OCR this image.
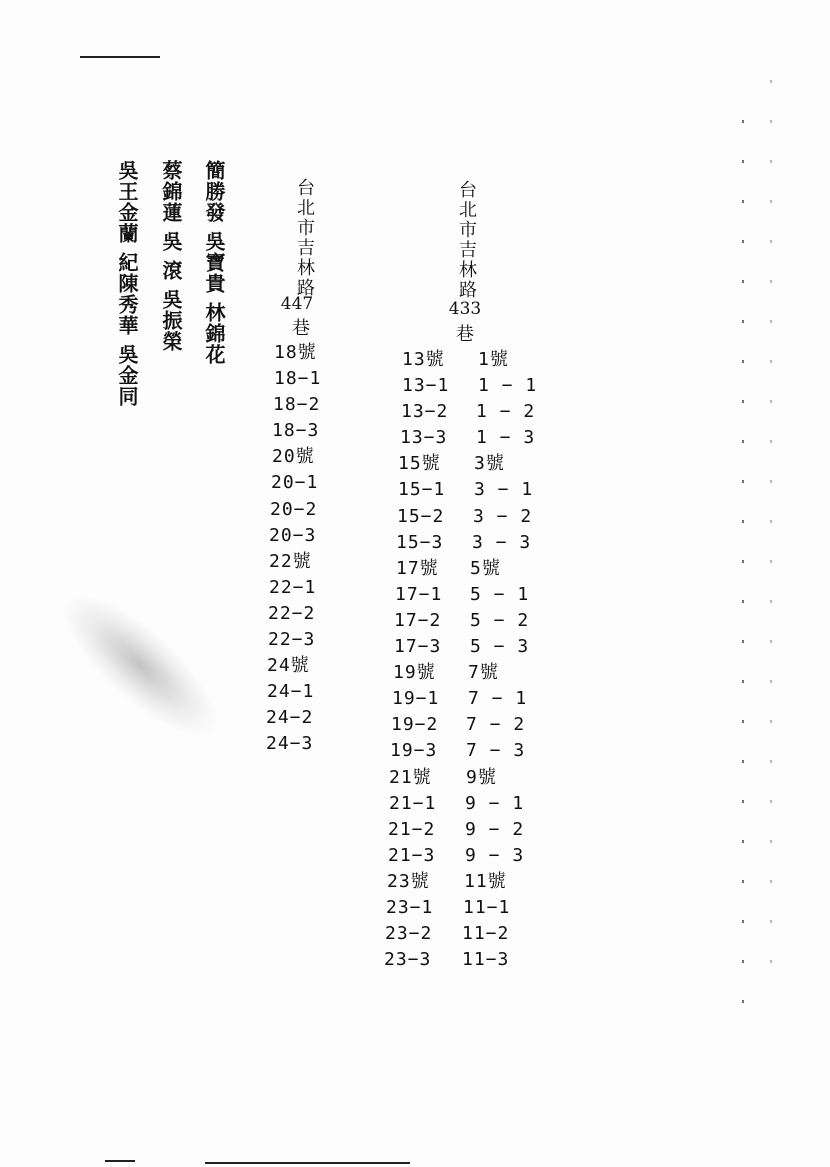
簡勝發 吳寶貴 林錦花
蔡錦蓮 吳 滾 吳振榮
吳王金蘭 紀陳秀華 吳金同	台北市吉林路
447
巷
18號
18−1
18−2
18−3
20號
20−1
20−2
20−3
22號
22−1
22−2
22−3
24號
24−1
24−2
24−3
台北市吉林路
433
巷
13號
13−1
13−2
13−3
15號
15−1
15−2
15−3
17號
17−1
17−2
17−3
19號
19−1
19−2
19−3
21號
21−1
21−2
21−3
23號
23−1
23−2
23−3
1號
1 − 1
1 − 2
1 − 3
3號
3 − 1
3 − 2
3 − 3
5號
5 − 1
5 − 2
5 − 3
7號
7 − 1
7 − 2
7 − 3
9號
9 − 1
9 − 2
9 − 3
11號
11−1
11−2
11−3
